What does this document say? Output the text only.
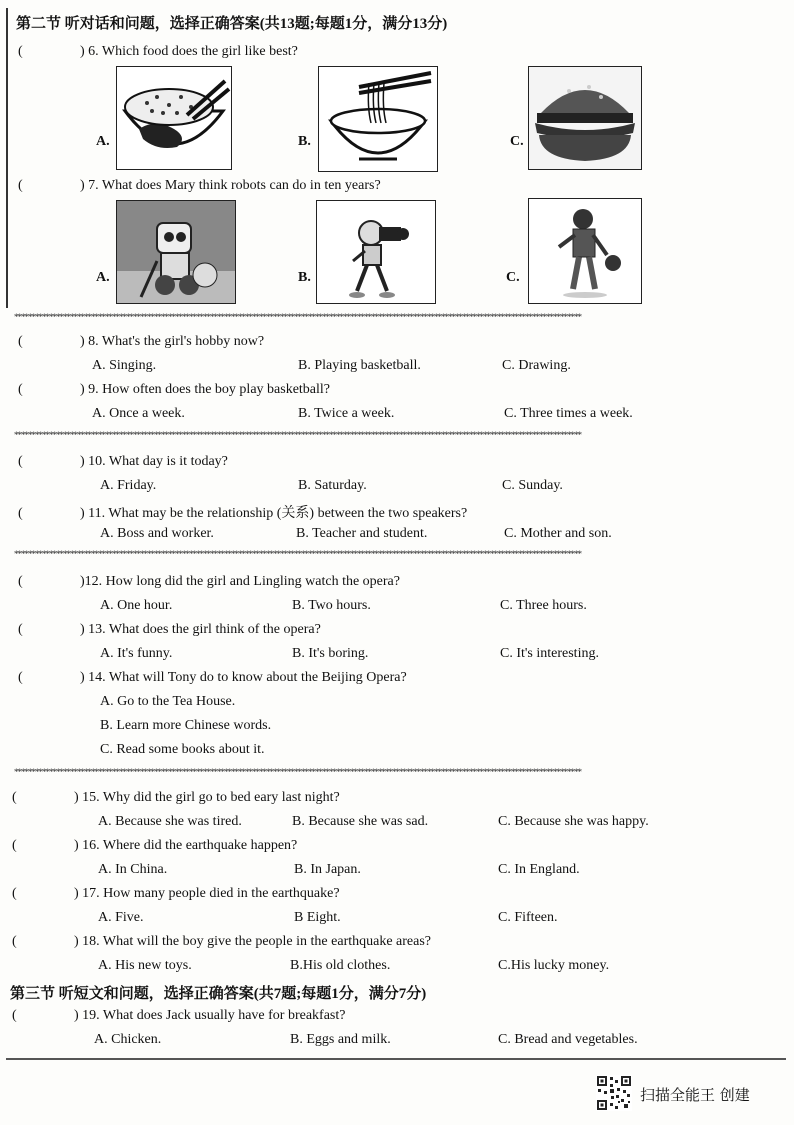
第二节 听对话和问题，选择正确答案(共13题;每题1分，满分13分)
(	) 6. Which food does the girl like best?
A.	B.	C.
(	) 7. What does Mary think robots can do in ten years?
A.	B.	C.
******************************************************************************************************************************************************************
(	) 8. What's the girl's hobby now?
A. Singing.	B. Playing basketball.	C. Drawing.
(	) 9. How often does the boy play basketball?
A. Once a week.	B. Twice a week.	C. Three times a week.
******************************************************************************************************************************************************************
(	) 10. What day is it today?
A. Friday.	B. Saturday.	C. Sunday.
(	) 11. What may be the relationship (关系) between the two speakers?
A. Boss and worker.	B. Teacher and student.	C. Mother and son.
******************************************************************************************************************************************************************
(	)12. How long did the girl and Lingling watch the opera?
A. One hour.	B. Two hours.	C. Three hours.
(	) 13. What does the girl think of the opera?
A. It's funny.	B. It's boring.	C. It's interesting.
(	) 14. What will Tony do to know about the Beijing Opera?
A. Go to the Tea House.
B. Learn more Chinese words.
C. Read some books about it.
******************************************************************************************************************************************************************
(	) 15. Why did the girl go to bed eary last night?
A. Because she was tired.	B. Because she was sad.	C. Because she was happy.
(	) 16. Where did the earthquake happen?
A. In China.	B. In Japan.	C. In England.
(	) 17. How many people died in the earthquake?
A. Five.	B Eight.	C. Fifteen.
(	) 18. What will the boy give the people in the earthquake areas?
A. His new toys.	B.His old clothes.	C.His lucky money.
第三节 听短文和问题，选择正确答案(共7题;每题1分，满分7分)
(	) 19. What does Jack usually have for breakfast?
A. Chicken.	B. Eggs and milk.	C. Bread and vegetables.
扫描全能王 创建
